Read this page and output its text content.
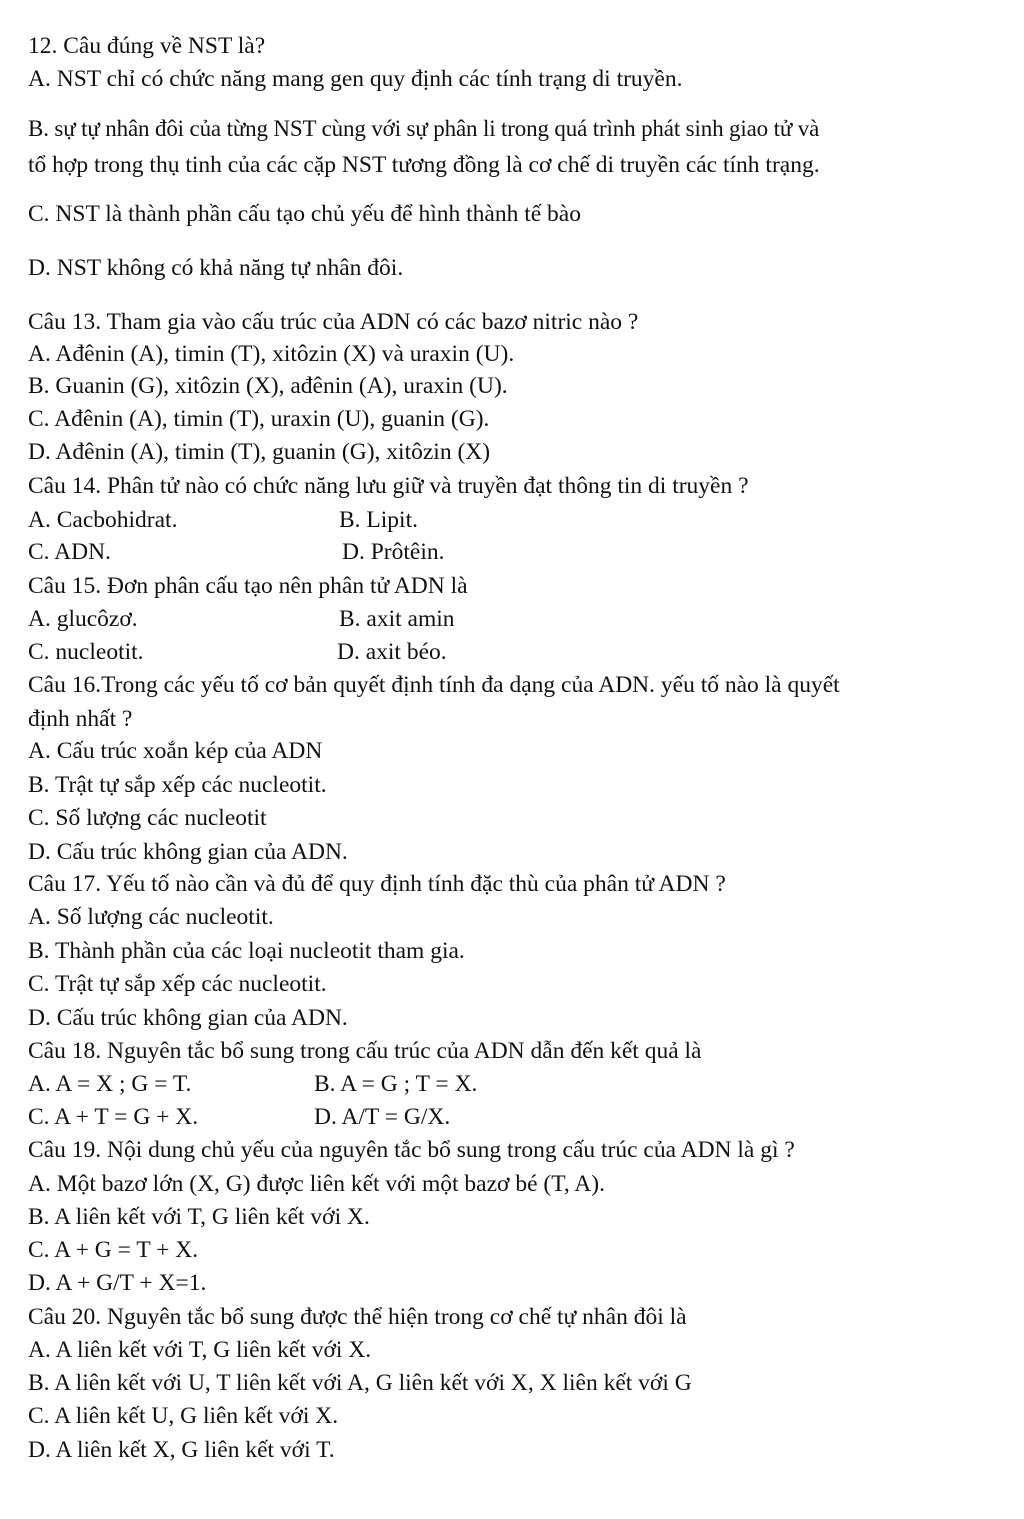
12. Câu đúng về NST là?

A. NST chỉ có chức năng mang gen quy định các tính trạng di truyền.

B. sự tự nhân đôi của từng NST cùng với sự phân li trong quá trình phát sinh giao tử và

tổ hợp trong thụ tinh của các cặp NST tương đồng là cơ chế di truyền các tính trạng.

C. NST là thành phần cấu tạo chủ yếu để hình thành tế bào

D. NST không có khả năng tự nhân đôi.

Câu 13. Tham gia vào cấu trúc của ADN có các bazơ nitric nào ?

A. Ađênin (A), timin (T), xitôzin (X) và uraxin (U).

B. Guanin (G), xitôzin (X), ađênin (A), uraxin (U).

C. Ađênin (A), timin (T), uraxin (U), guanin (G).

D. Ađênin (A), timin (T), guanin (G), xitôzin (X)

Câu 14. Phân tử nào có chức năng lưu giữ và truyền đạt thông tin di truyền ?

A. Cacbohidrat.	B. Lipit.

C. ADN.	D. Prôtêin.

Câu 15. Đơn phân cấu tạo nên phân tử ADN là

A. glucôzơ.	B. axit amin

C. nucleotit.	D. axit béo.

Câu 16.Trong các yếu tố cơ bản quyết định tính đa dạng của ADN. yếu tố nào là quyết

định nhất ?

A. Cấu trúc xoắn kép của ADN

B. Trật tự sắp xếp các nucleotit.

C. Số lượng các nucleotit

D. Cấu trúc không gian của ADN.

Câu 17. Yếu tố nào cần và đủ để quy định tính đặc thù của phân tử ADN ?

A. Số lượng các nucleotit.

B. Thành phần của các loại nucleotit tham gia.

C. Trật tự sắp xếp các nucleotit.

D. Cấu trúc không gian của ADN.

Câu 18. Nguyên tắc bổ sung trong cấu trúc của ADN dẫn đến kết quả là

A. A = X ; G = T.	B. A = G ; T = X.

C. A + T = G + X.	D. A/T = G/X.

Câu 19. Nội dung chủ yếu của nguyên tắc bổ sung trong cấu trúc của ADN là gì ?

A. Một bazơ lớn (X, G) được liên kết với một bazơ bé (T, A).

B. A liên kết với T, G liên kết với X.

C. A + G = T + X.

D. A + G/T + X=1.

Câu 20. Nguyên tắc bổ sung được thể hiện trong cơ chế tự nhân đôi là

A. A liên kết với T, G liên kết với X.

B. A liên kết với U, T liên kết với A, G liên kết với X, X liên kết với G

C. A liên kết U, G liên kết với X.

D. A liên kết X, G liên kết với T.
